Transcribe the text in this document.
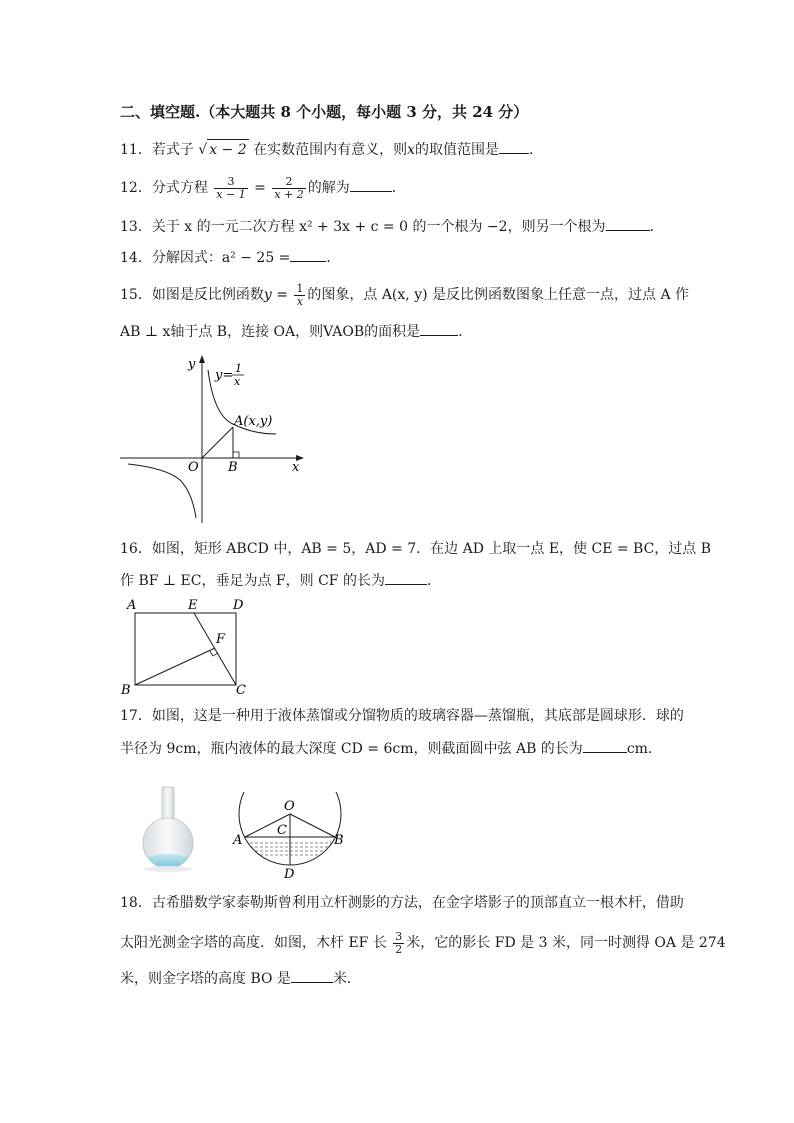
二、填空题.（本大题共 8 个小题，每小题 3 分，共 24 分）
11．若式子 √ x − 2 在实数范围内有意义，则x的取值范围是 ．
12．分式方程 $\frac{3}{x - 1} = \frac{2}{x + 2}$ 的解为	．
13．关于 x 的一元二次方程 x² + 3x + c = 0 的一个根为 −2，则另一个根为	．
14．分解因式：a² − 25 =	．
15．如图是反比例函数$y = \frac{1}{x}$ 的图象，点 A(x, y) 是反比例函数图象上任意一点，过点 A 作
AB ⊥ x轴于点 B，连接 OA，则VAOB的面积是	．
y
x
O B
A(x,y)
y= 1
x
16．如图，矩形 ABCD 中，AB = 5，AD = 7．在边 AD 上取一点 E，使 CE = BC，过点 B
作 BF ⊥ EC，垂足为点 F，则 CF 的长为	．
A	E	D
F
B	C
17．如图，这是一种用于液体蒸馏或分馏物质的玻璃容器—蒸馏瓶，其底部是圆球形．球的
半径为 9cm，瓶内液体的最大深度 CD = 6cm，则截面圆中弦 AB 的长为	cm．
O
A	B
C
D
18．古希腊数学家泰勒斯曾利用立杆测影的方法，在金字塔影子的顶部直立一根木杆，借助
太阳光测金字塔的高度．如图，木杆 EF 长 $\frac{3}{2}$ 米，它的影长 FD 是 3 米，同一时测得 OA 是 274
米，则金字塔的高度 BO 是	米．
